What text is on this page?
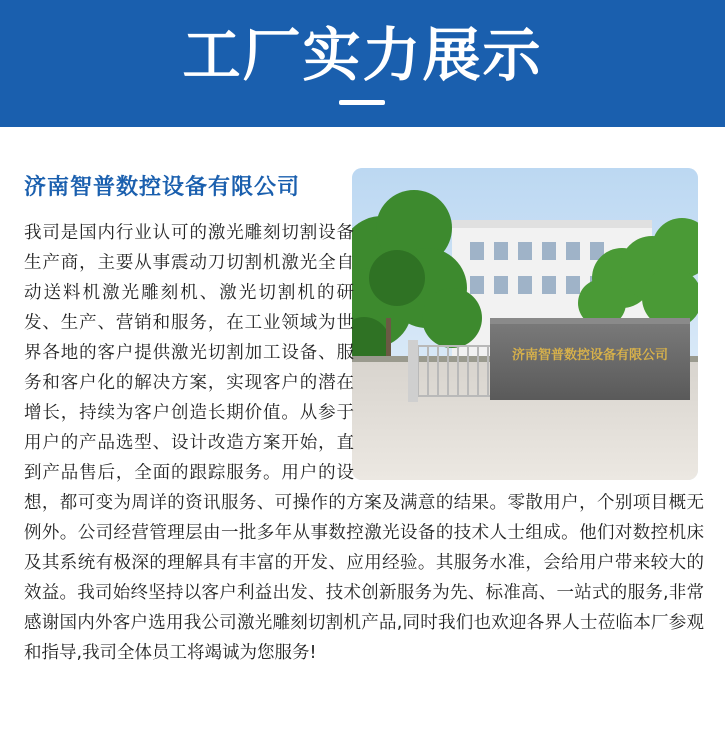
工厂实力展示
济南智普数控设备有限公司
济南智普数控设备有限公司

我司是国内行业认可的激光雕刻切割设备生产商，主要从事震动刀切割机激光全自动送料机激光雕刻机、激光切割机的研发、生产、营销和服务，在工业领域为世界各地的客户提供激光切割加工设备、服务和客户化的解决方案，实现客户的潜在增长，持续为客户创造长期价值。从参于用户的产品选型、设计改造方案开始，直到产品售后，全面的跟踪服务。用户的设想，都可变为周详的资讯服务、可操作的方案及满意的结果。零散用户，个别项目概无例外。公司经营管理层由一批多年从事数控激光设备的技术人士组成。他们对数控机床及其系统有极深的理解具有丰富的开发、应用经验。其服务水准，会给用户带来较大的效益。我司始终坚持以客户利益出发、技术创新服务为先、标准高、一站式的服务,非常感谢国内外客户选用我公司激光雕刻切割机产品,同时我们也欢迎各界人士莅临本厂参观和指导,我司全体员工将竭诚为您服务!
